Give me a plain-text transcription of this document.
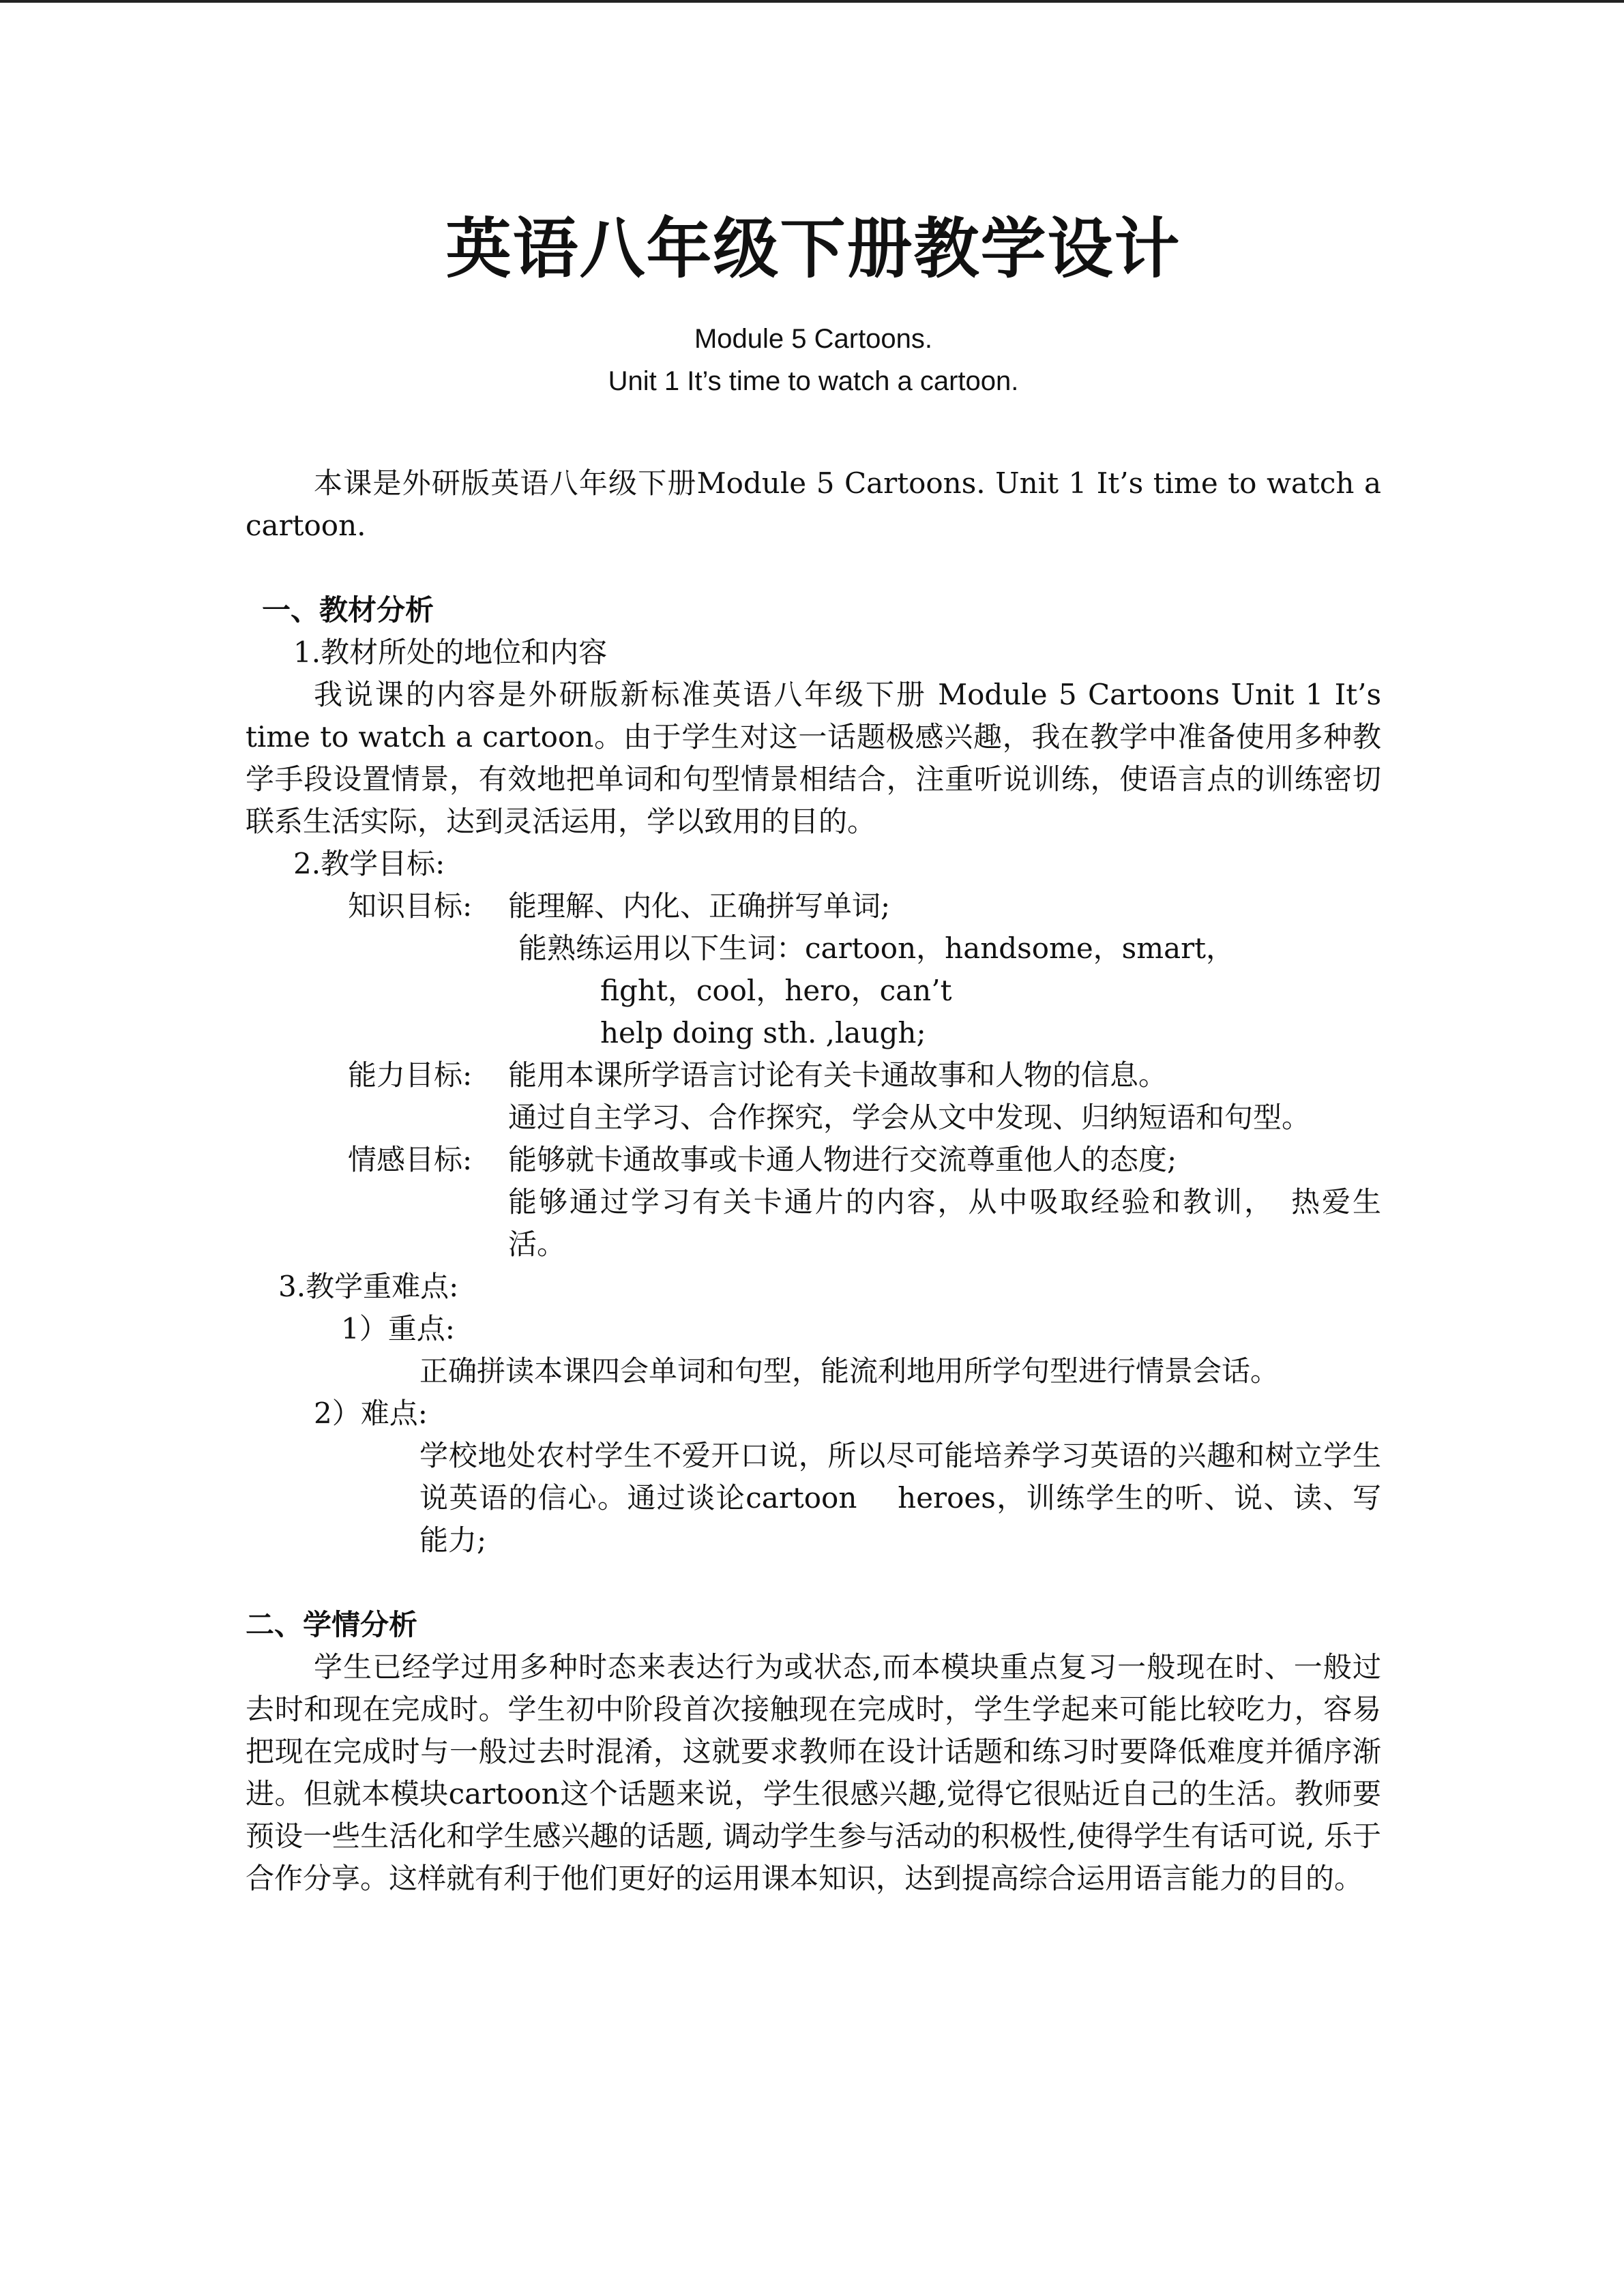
英语八年级下册教学设计
Module 5 Cartoons.
Unit 1 It’s time to watch a cartoon.

本课是外研版英语八年级下册Module 5 Cartoons. Unit 1 It’s time to watch a cartoon.

一、教材分析
1.教材所处的地位和内容

我说课的内容是外研版新标准英语八年级下册 Module 5 Cartoons Unit 1 It’s time to watch a cartoon。由于学生对这一话题极感兴趣，我在教学中准备使用多种教学手段设置情景，有效地把单词和句型情景相结合，注重听说训练，使语言点的训练密切联系生活实际，达到灵活运用，学以致用的目的。

2.教学目标:
知识目标:	能理解、内化、正确拼写单词;
能熟练运用以下生词：cartoon，handsome，smart，
fight，cool，hero，can’t
help doing sth. ,laugh;
能力目标:	能用本课所学语言讨论有关卡通故事和人物的信息。

通过自主学习、合作探究，学会从文中发现、归纳短语和句型。

情感目标:	能够就卡通故事或卡通人物进行交流尊重他人的态度;

能够通过学习有关卡通片的内容，从中吸取经验和教训，　热爱生活。

3.教学重难点:
1）重点:

正确拼读本课四会单词和句型，能流利地用所学句型进行情景会话。

2）难点:

学校地处农村学生不爱开口说，所以尽可能培养学习英语的兴趣和树立学生说英语的信心。通过谈论cartoon　 heroes，训练学生的听、说、读、写能力;

二、学情分析

学生已经学过用多种时态来表达行为或状态,而本模块重点复习一般现在时、一般过去时和现在完成时。学生初中阶段首次接触现在完成时，学生学起来可能比较吃力，容易把现在完成时与一般过去时混淆，这就要求教师在设计话题和练习时要降低难度并循序渐进。但就本模块cartoon这个话题来说，学生很感兴趣,觉得它很贴近自己的生活。教师要预设一些生活化和学生感兴趣的话题, 调动学生参与活动的积极性,使得学生有话可说, 乐于合作分享。这样就有利于他们更好的运用课本知识，达到提高综合运用语言能力的目的。
